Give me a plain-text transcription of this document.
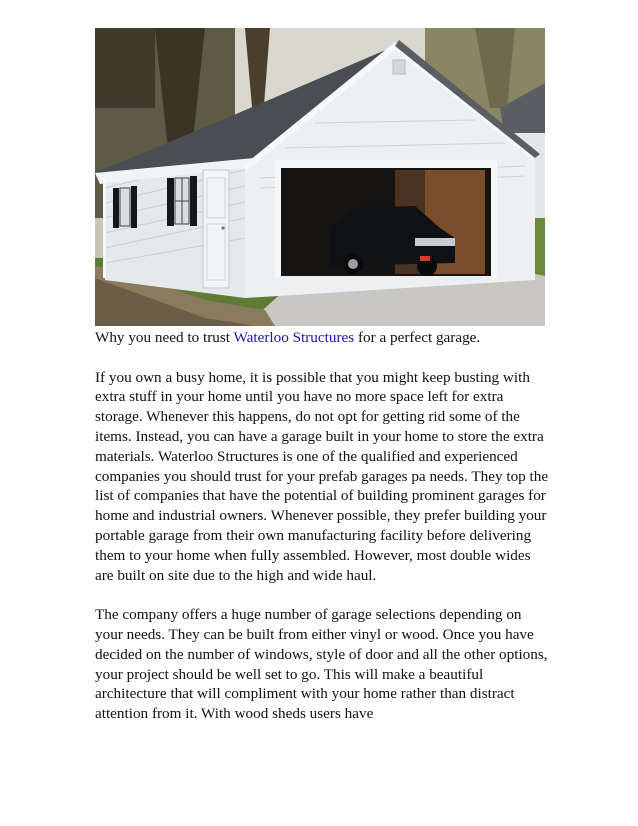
Why you need to trust Waterloo Structures for a perfect garage.

If you own a busy home, it is possible that you might keep busting with extra stuff in your home until you have no more space left for extra storage. Whenever this happens, do not opt for getting rid some of the items. Instead, you can have a garage built in your home to store the extra materials. Waterloo Structures is one of the qualified and experienced companies you should trust for your prefab garages pa needs. They top the list of companies that have the potential of building prominent garages for home and industrial owners. Whenever possible, they prefer building your portable garage from their own manufacturing facility before delivering them to your home when fully assembled. However, most double wides are built on site due to the high and wide haul.

The company offers a huge number of garage selections depending on your needs. They can be built from either vinyl or wood. Once you have decided on the number of windows, style of door and all the other options, your project should be well set to go. This will make a beautiful architecture that will compliment with your home rather than distract attention from it. With wood sheds users have
